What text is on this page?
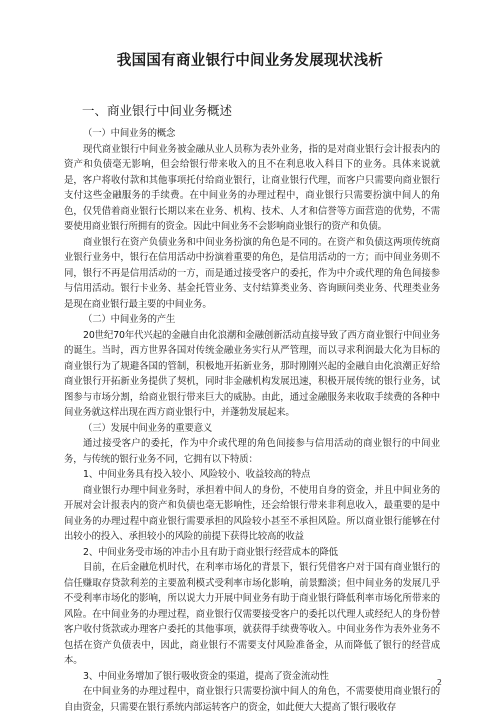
我国国有商业银行中间业务发展现状浅析
一、商业银行中间业务概述

（一）中间业务的概念

现代商业银行中间业务被金融从业人员称为表外业务，指的是对商业银行会计报表内的资产和负债毫无影响，但会给银行带来收入的且不在利息收入科目下的业务。具体来说就是，客户将收付款和其他事项托付给商业银行，让商业银行代理，而客户只需要向商业银行支付这些金融服务的手续费。在中间业务的办理过程中，商业银行只需要扮演中间人的角色，仅凭借着商业银行长期以来在业务、机构、技术、人才和信誉等方面营造的优势，不需要使用商业银行所拥有的资金。因此中间业务不会影响商业银行的资产和负债。

商业银行在资产负债业务和中间业务扮演的角色是不同的。在资产和负债这两项传统商业银行业务中，银行在信用活动中扮演着重要的角色，是信用活动的一方；而中间业务则不同，银行不再是信用活动的一方，而是通过接受客户的委托，作为中介或代理的角色间接参与信用活动。银行卡业务、基金托管业务、支付结算类业务、咨询顾问类业务、代理类业务是现在商业银行最主要的中间业务。

（二）中间业务的产生

20世纪70年代兴起的金融自由化浪潮和金融创新活动直接导致了西方商业银行中间业务的诞生。当时，西方世界各国对传统金融业务实行从严管理，而以寻求利润最大化为目标的商业银行为了规避各国的管制，积极地开拓新业务，那时刚刚兴起的金融自由化浪潮正好给商业银行开拓新业务提供了契机，同时非金融机构发展迅速，积极开展传统的银行业务，试图参与市场分割，给商业银行带来巨大的威胁。由此，通过金融服务来收取手续费的各种中间业务就这样出现在西方商业银行中，并蓬勃发展起来。

（三）发展中间业务的重要意义

通过接受客户的委托，作为中介或代理的角色间接参与信用活动的商业银行的中间业务，与传统的银行业务不同，它拥有以下特质：

1、中间业务具有投入较小、风险较小、收益较高的特点

商业银行办理中间业务时，承担着中间人的身份，不使用自身的资金，并且中间业务的开展对会计报表内的资产和负债也毫无影响性，还会给银行带来非利息收入，最重要的是中间业务的办理过程中商业银行需要承担的风险较小甚至不承担风险。所以商业银行能够在付出较小的投入、承担较小的风险的前提下获得比较高的收益

2、中间业务受市场的冲击小且有助于商业银行经营成本的降低

目前，在后金融危机时代，在利率市场化的背景下，银行凭借客户对于国有商业银行的信任赚取存贷款利差的主要盈利模式受利率市场化影响，前景黯淡；但中间业务的发展几乎不受利率市场化的影响，所以说大力开展中间业务有助于商业银行降低利率市场化所带来的风险。在中间业务的办理过程，商业银行仅需要接受客户的委托以代理人或经纪人的身份替客户收付货款或办理客户委托的其他事项，就获得手续费等收入。中间业务作为表外业务不包括在资产负债表中，因此，商业银行不需要支付风险准备金，从而降低了银行的经营成本。

3、中间业务增加了银行吸收资金的渠道，提高了资金流动性

在中间业务的办理过程中，商业银行只需要扮演中间人的角色，不需要使用商业银行的自由资金，只需要在银行系统内部运转客户的资金，如此便大大提高了银行吸收存

2
